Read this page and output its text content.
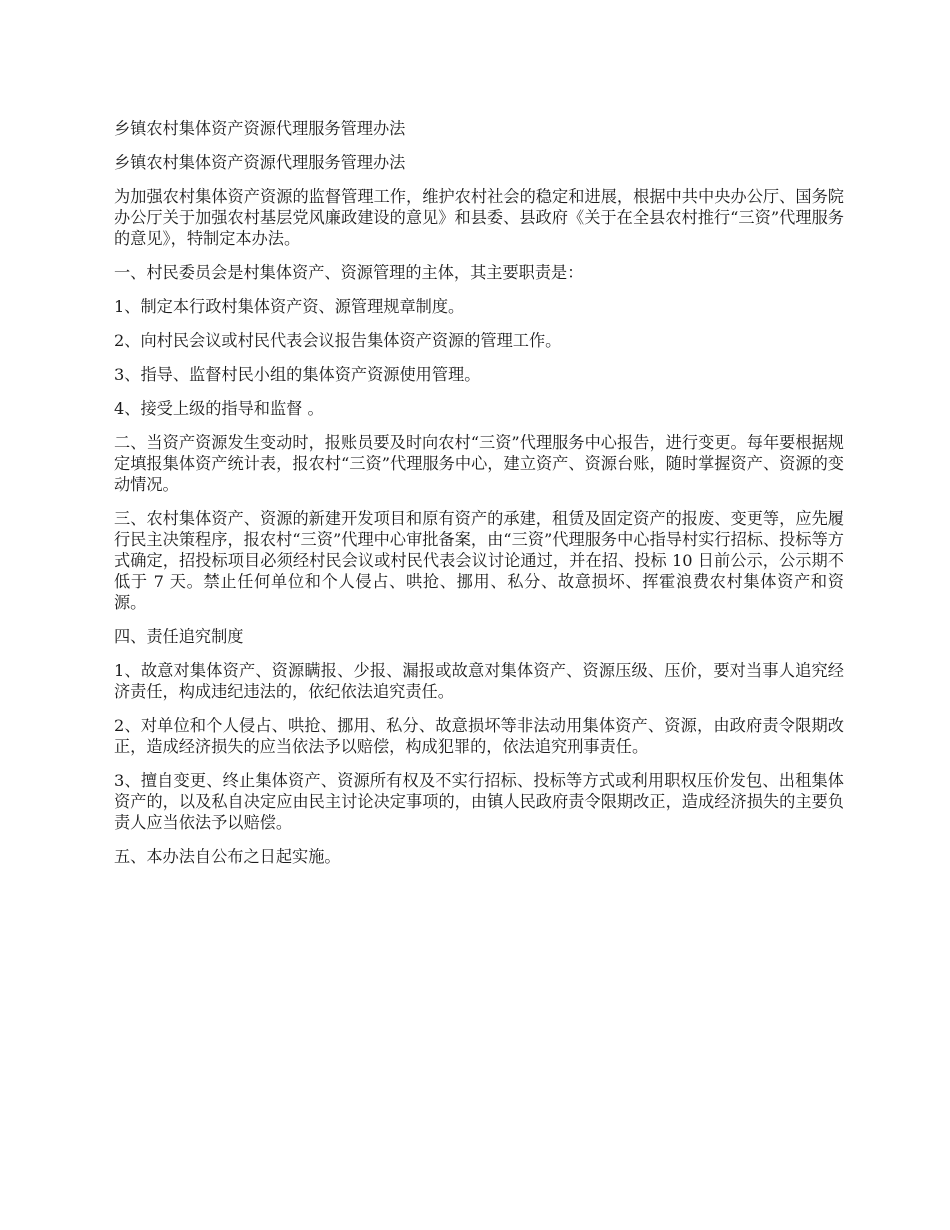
乡镇农村集体资产资源代理服务管理办法

乡镇农村集体资产资源代理服务管理办法

为加强农村集体资产资源的监督管理工作，维护农村社会的稳定和进展，根据中共中央办公厅、国务院办公厅关于加强农村基层党风廉政建设的意见》和县委、县政府《关于在全县农村推行“三资”代理服务的意见》，特制定本办法。

一、村民委员会是村集体资产、资源管理的主体，其主要职责是：

1、制定本行政村集体资产资、源管理规章制度。

2、向村民会议或村民代表会议报告集体资产资源的管理工作。

3、指导、监督村民小组的集体资产资源使用管理。

4、接受上级的指导和监督 。

二、当资产资源发生变动时，报账员要及时向农村“三资”代理服务中心报告，进行变更。每年要根据规定填报集体资产统计表，报农村“三资”代理服务中心，建立资产、资源台账，随时掌握资产、资源的变动情况。

三、农村集体资产、资源的新建开发项目和原有资产的承建，租赁及固定资产的报废、变更等，应先履行民主决策程序，报农村“三资”代理中心审批备案，由“三资”代理服务中心指导村实行招标、投标等方式确定，招投标项目必须经村民会议或村民代表会议讨论通过，并在招、投标 10 日前公示，公示期不低于 7 天。禁止任何单位和个人侵占、哄抢、挪用、私分、故意损坏、挥霍浪费农村集体资产和资源。

四、责任追究制度

1、故意对集体资产、资源瞒报、少报、漏报或故意对集体资产、资源压级、压价，要对当事人追究经济责任，构成违纪违法的，依纪依法追究责任。

2、对单位和个人侵占、哄抢、挪用、私分、故意损坏等非法动用集体资产、资源，由政府责令限期改正，造成经济损失的应当依法予以赔偿，构成犯罪的，依法追究刑事责任。

3、擅自变更、终止集体资产、资源所有权及不实行招标、投标等方式或利用职权压价发包、出租集体资产的，以及私自决定应由民主讨论决定事项的，由镇人民政府责令限期改正，造成经济损失的主要负责人应当依法予以赔偿。

五、本办法自公布之日起实施。
